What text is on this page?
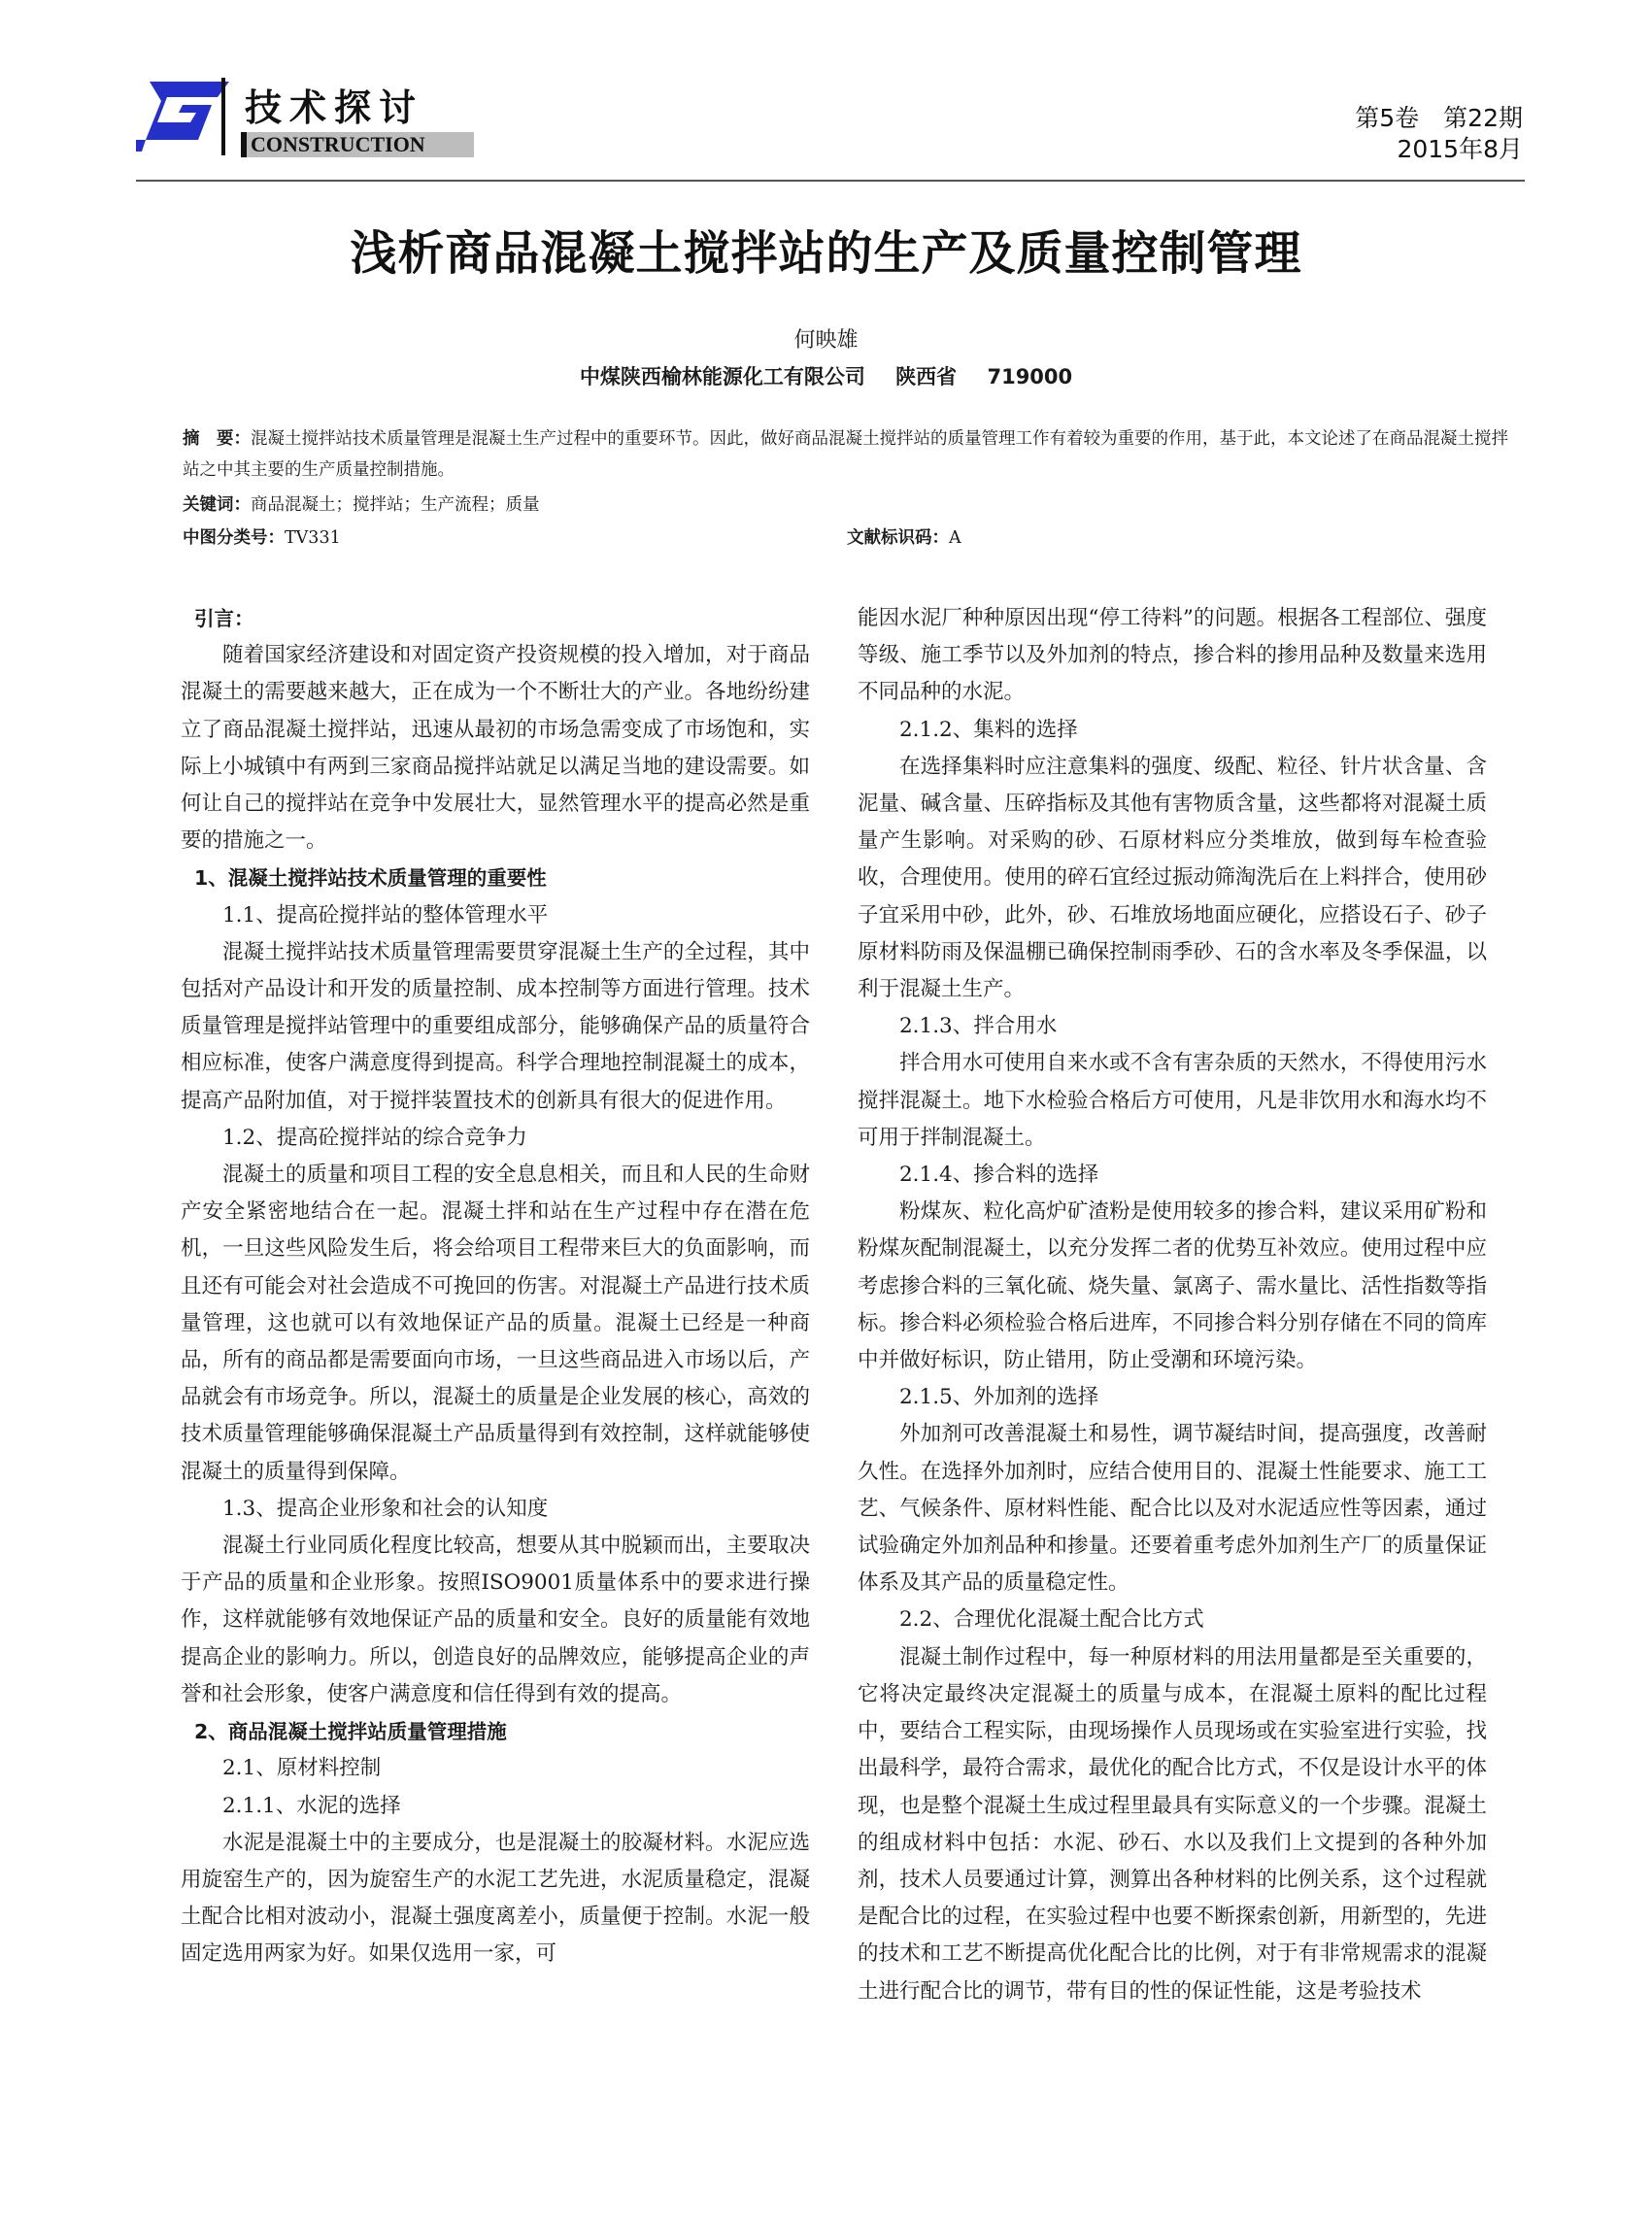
技术探讨
CONSTRUCTION
第5卷　第22期
2015年8月
浅析商品混凝土搅拌站的生产及质量控制管理
何映雄
中煤陕西榆林能源化工有限公司 陕西省 719000
摘　要：混凝土搅拌站技术质量管理是混凝土生产过程中的重要环节。因此，做好商品混凝土搅拌站的质量管理工作有着较为重要的作用，基于此，本文论述了在商品混凝土搅拌站之中其主要的生产质量控制措施。
关键词：商品混凝土；搅拌站；生产流程；质量
中图分类号：TV331	文献标识码：A

引言：

随着国家经济建设和对固定资产投资规模的投入增加，对于商品混凝土的需要越来越大，正在成为一个不断壮大的产业。各地纷纷建立了商品混凝土搅拌站，迅速从最初的市场急需变成了市场饱和，实际上小城镇中有两到三家商品搅拌站就足以满足当地的建设需要。如何让自己的搅拌站在竞争中发展壮大，显然管理水平的提高必然是重要的措施之一。

1、混凝土搅拌站技术质量管理的重要性

1.1、提高砼搅拌站的整体管理水平

混凝土搅拌站技术质量管理需要贯穿混凝土生产的全过程，其中包括对产品设计和开发的质量控制、成本控制等方面进行管理。技术质量管理是搅拌站管理中的重要组成部分，能够确保产品的质量符合相应标准，使客户满意度得到提高。科学合理地控制混凝土的成本，提高产品附加值，对于搅拌装置技术的创新具有很大的促进作用。

1.2、提高砼搅拌站的综合竞争力

混凝土的质量和项目工程的安全息息相关，而且和人民的生命财产安全紧密地结合在一起。混凝土拌和站在生产过程中存在潜在危机，一旦这些风险发生后，将会给项目工程带来巨大的负面影响，而且还有可能会对社会造成不可挽回的伤害。对混凝土产品进行技术质量管理，这也就可以有效地保证产品的质量。混凝土已经是一种商品，所有的商品都是需要面向市场，一旦这些商品进入市场以后，产品就会有市场竞争。所以，混凝土的质量是企业发展的核心，高效的技术质量管理能够确保混凝土产品质量得到有效控制，这样就能够使混凝土的质量得到保障。

1.3、提高企业形象和社会的认知度

混凝土行业同质化程度比较高，想要从其中脱颖而出，主要取决于产品的质量和企业形象。按照ISO9001质量体系中的要求进行操作，这样就能够有效地保证产品的质量和安全。良好的质量能有效地提高企业的影响力。所以，创造良好的品牌效应，能够提高企业的声誉和社会形象，使客户满意度和信任得到有效的提高。

2、商品混凝土搅拌站质量管理措施

2.1、原材料控制

2.1.1、水泥的选择

水泥是混凝土中的主要成分，也是混凝土的胶凝材料。水泥应选用旋窑生产的，因为旋窑生产的水泥工艺先进，水泥质量稳定，混凝土配合比相对波动小，混凝土强度离差小，质量便于控制。水泥一般固定选用两家为好。如果仅选用一家，可

能因水泥厂种种原因出现“停工待料”的问题。根据各工程部位、强度等级、施工季节以及外加剂的特点，掺合料的掺用品种及数量来选用不同品种的水泥。

2.1.2、集料的选择

在选择集料时应注意集料的强度、级配、粒径、针片状含量、含泥量、碱含量、压碎指标及其他有害物质含量，这些都将对混凝土质量产生影响。对采购的砂、石原材料应分类堆放，做到每车检查验收，合理使用。使用的碎石宜经过振动筛淘洗后在上料拌合，使用砂子宜采用中砂，此外，砂、石堆放场地面应硬化，应搭设石子、砂子原材料防雨及保温棚已确保控制雨季砂、石的含水率及冬季保温，以利于混凝土生产。

2.1.3、拌合用水

拌合用水可使用自来水或不含有害杂质的天然水，不得使用污水搅拌混凝土。地下水检验合格后方可使用，凡是非饮用水和海水均不可用于拌制混凝土。

2.1.4、掺合料的选择

粉煤灰、粒化高炉矿渣粉是使用较多的掺合料，建议采用矿粉和粉煤灰配制混凝土，以充分发挥二者的优势互补效应。使用过程中应考虑掺合料的三氧化硫、烧失量、氯离子、需水量比、活性指数等指标。掺合料必须检验合格后进库，不同掺合料分别存储在不同的筒库中并做好标识，防止错用，防止受潮和环境污染。

2.1.5、外加剂的选择

外加剂可改善混凝土和易性，调节凝结时间，提高强度，改善耐久性。在选择外加剂时，应结合使用目的、混凝土性能要求、施工工艺、气候条件、原材料性能、配合比以及对水泥适应性等因素，通过试验确定外加剂品种和掺量。还要着重考虑外加剂生产厂的质量保证体系及其产品的质量稳定性。

2.2、合理优化混凝土配合比方式

混凝土制作过程中，每一种原材料的用法用量都是至关重要的，它将决定最终决定混凝土的质量与成本，在混凝土原料的配比过程中，要结合工程实际，由现场操作人员现场或在实验室进行实验，找出最科学，最符合需求，最优化的配合比方式，不仅是设计水平的体现，也是整个混凝土生成过程里最具有实际意义的一个步骤。混凝土的组成材料中包括：水泥、砂石、水以及我们上文提到的各种外加剂，技术人员要通过计算，测算出各种材料的比例关系，这个过程就是配合比的过程，在实验过程中也要不断探索创新，用新型的，先进的技术和工艺不断提高优化配合比的比例，对于有非常规需求的混凝土进行配合比的调节，带有目的性的保证性能，这是考验技术
